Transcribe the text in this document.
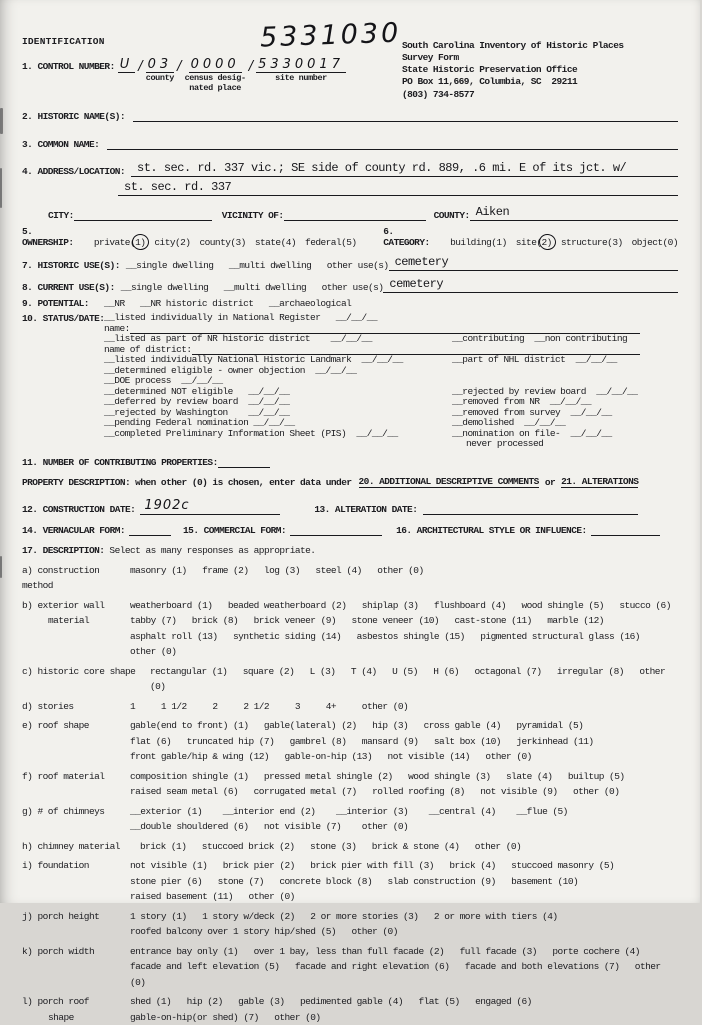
IDENTIFICATION	5331030 South Carolina Inventory of Historic Places
Survey Form
State Historic Preservation Office
PO Box 11,669, Columbia, SC  29211
(803) 734-8577
1. CONTROL NUMBER: U / 03
county
/ 0000
census desig-
nated place
/ 5330017
site number
2. HISTORIC NAME(S):
3. COMMON NAME:
4. ADDRESS/LOCATION:	st. sec. rd. 337 vic.; SE side of county rd. 889, .6 mi. E of its jct. w/
st. sec. rd. 337
CITY:	VICINITY OF:	COUNTY: Aiken
5. OWNERSHIP:	private(1) city(2) county(3) state(4) federal(5)
6. CATEGORY:	building(1) site(2) structure(3) object(0)
7. HISTORIC USE(S): __single dwelling   __multi dwelling   other use(s) cemetery
8. CURRENT USE(S): __single dwelling   __multi dwelling   other use(s) cemetery
9. POTENTIAL:	__NR   __NR historic district   __archaeological
10. STATUS/DATE: __listed individually in National Register   __/__/__
name:
__listed as part of NR historic district    __/__/__	__contributing  __non contributing
name of district:
__listed individually National Historic Landmark  __/__/__	__part of NHL district  __/__/__
__determined eligible - owner objection  __/__/__
__DOE process  __/__/__
__determined NOT eligible   __/__/__	__rejected by review board  __/__/__
__deferred by review board  __/__/__	__removed from NR  __/__/__
__rejected by Washington    __/__/__	__removed from survey  __/__/__
__pending Federal nomination __/__/__	__demolished  __/__/__
__completed Preliminary Information Sheet (PIS)  __/__/__	__nomination on file-  __/__/__
never processed
11. NUMBER OF CONTRIBUTING PROPERTIES:
PROPERTY DESCRIPTION: when other (0) is chosen, enter data under 20. ADDITIONAL DESCRIPTIVE COMMENTS or 21. ALTERATIONS
12. CONSTRUCTION DATE: 1902c	13. ALTERATION DATE:
14. VERNACULAR FORM:	15. COMMERCIAL FORM:	16. ARCHITECTURAL STYLE OR INFLUENCE:
17. DESCRIPTION: Select as many responses as appropriate.
a) construction method
masonry (1)   frame (2)   log (3)   steel (4)   other (0)
b) exterior wall
material
weatherboard (1)   beaded weatherboard (2)   shiplap (3)   flushboard (4)   wood shingle (5)   stucco (6)
tabby (7)   brick (8)   brick veneer (9)   stone veneer (10)   cast-stone (11)   marble (12)
asphalt roll (13)   synthetic siding (14)   asbestos shingle (15)   pigmented structural glass (16)   other (0)
c) historic core shape	rectangular (1)   square (2)   L (3)   T (4)   U (5)   H (6)   octagonal (7)   irregular (8)   other (0)
d) stories	1     1 1/2     2     2 1/2     3     4+     other (0)
e) roof shape	gable(end to front) (1)   gable(lateral) (2)   hip (3)   cross gable (4)   pyramidal (5)
flat (6)   truncated hip (7)   gambrel (8)   mansard (9)   salt box (10)   jerkinhead (11)
front gable/hip & wing (12)   gable-on-hip (13)   not visible (14)   other (0)
f) roof material	composition shingle (1)   pressed metal shingle (2)   wood shingle (3)   slate (4)   builtup (5)
raised seam metal (6)   corrugated metal (7)   rolled roofing (8)   not visible (9)   other (0)
g) # of chimneys	__exterior (1)    __interior end (2)    __interior (3)    __central (4)    __flue (5)
__double shouldered (6)   not visible (7)    other (0)
h) chimney material	brick (1)   stuccoed brick (2)   stone (3)   brick & stone (4)   other (0)
i) foundation	not visible (1)   brick pier (2)   brick pier with fill (3)   brick (4)   stuccoed masonry (5)
stone pier (6)   stone (7)   concrete block (8)   slab construction (9)   basement (10)
raised basement (11)   other (0)
j) porch height	1 story (1)   1 story w/deck (2)   2 or more stories (3)   2 or more with tiers (4)
roofed balcony over 1 story hip/shed (5)   other (0)
k) porch width	entrance bay only (1)   over 1 bay, less than full facade (2)   full facade (3)   porte cochere (4)
facade and left elevation (5)   facade and right elevation (6)   facade and both elevations (7)   other (0)
l) porch roof
shape
shed (1)   hip (2)   gable (3)   pedimented gable (4)   flat (5)   engaged (6)
gable-on-hip(or shed) (7)   other (0)
